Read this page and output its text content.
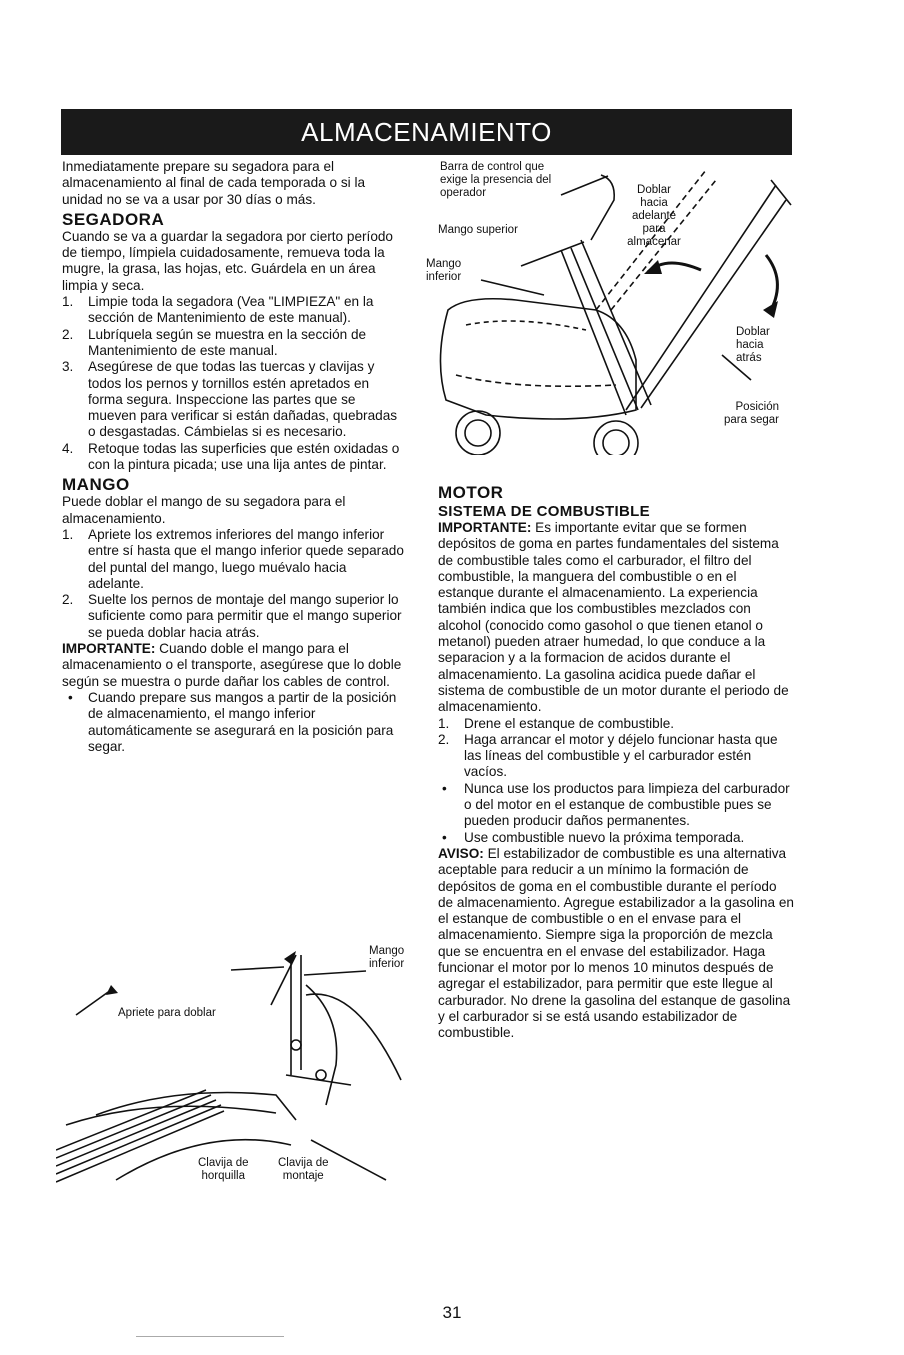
ALMACENAMIENTO

Inmediatamente prepare su segadora para el almacenamiento al final de cada temporada o si la unidad no se va a usar por 30 días o más.

SEGADORA

Cuando se va a guardar la segadora por cierto período de tiempo, límpiela cuidadosamente, remueva toda la mugre, la grasa, las hojas, etc. Guárdela en un área limpia y seca.

1.	Limpie toda la segadora (Vea "LIMPIEZA" en la sección de Mantenimiento de este manual).
2.	Lubríquela según se muestra en la sección de Mantenimiento de este manual.
3.	Asegúrese de que todas las tuercas y clavijas y todos los pernos y tornillos estén apretados en forma segura. Inspeccione las partes que se mueven para verificar si están dañadas, quebradas o desgastadas. Cámbielas si es necesario.
4.	Retoque todas las superficies que estén oxidadas o con la pintura picada; use una lija antes de pintar.
MANGO

Puede doblar el mango de su segadora para el almacenamiento.

1.	Apriete los extremos inferiores del mango inferior entre sí hasta que el mango inferior quede separado del puntal del mango, luego muévalo hacia adelante.
2.	Suelte los pernos de montaje del mango superior lo suficiente como para permitir que el mango superior se pueda doblar hacia atrás.

IMPORTANTE: Cuando doble el mango para el almacenamiento o el transporte, asegúrese que lo doble según se muestra o purde dañar los cables de control.

•	Cuando prepare sus mangos a partir de la posición de almacenamiento, el mango inferior automáticamente se asegurará en la posición para segar.
Barra de control que
exige la presencia del
operador
Mango superior
Mango
inferior
Doblar
hacia
adelante
para
almacenar
Doblar
hacia
atrás
Posición
para segar
Apriete para doblar
Mango
inferior
Clavija de
horquilla
Clavija de
montaje
MOTOR
SISTEMA DE COMBUSTIBLE

IMPORTANTE: Es importante evitar que se formen depósitos de goma en partes fundamentales del sistema de combustible tales como el carburador, el filtro del combustible, la manguera del combustible o en el estanque durante el almacenamiento. La experiencia también indica que los combustibles mezclados con alcohol (conocido como gasohol o que tienen etanol o metanol) pueden atraer humedad, lo que conduce a la separacion y a la formacion de acidos durante el almacenamiento. La gasolina acidica puede dañar el sistema de combustible de un motor durante el periodo de almacenamiento.

1.	Drene el estanque de combustible.
2.	Haga arrancar el motor y déjelo funcionar hasta que las líneas del combustible y el carburador estén vacíos.
•	Nunca use los productos para limpieza del carburador o del motor en el estanque de combustible pues se pueden producir daños permanentes.
•	Use combustible nuevo la próxima temporada.

AVISO: El estabilizador de combustible es una alternativa aceptable para reducir a un mínimo la formación de depósitos de goma en el combustible durante el período de almacenamiento. Agregue estabilizador a la gasolina en el estanque de combustible o en el envase para el almacenamiento. Siempre siga la proporción de mezcla que se encuentra en el envase del estabilizador. Haga funcionar el motor por lo menos 10 minutos después de agregar el estabilizador, para permitir que este llegue al carburador. No drene la gasolina del estanque de gasolina y el carburador si se está usando estabilizador de combustible.

31
